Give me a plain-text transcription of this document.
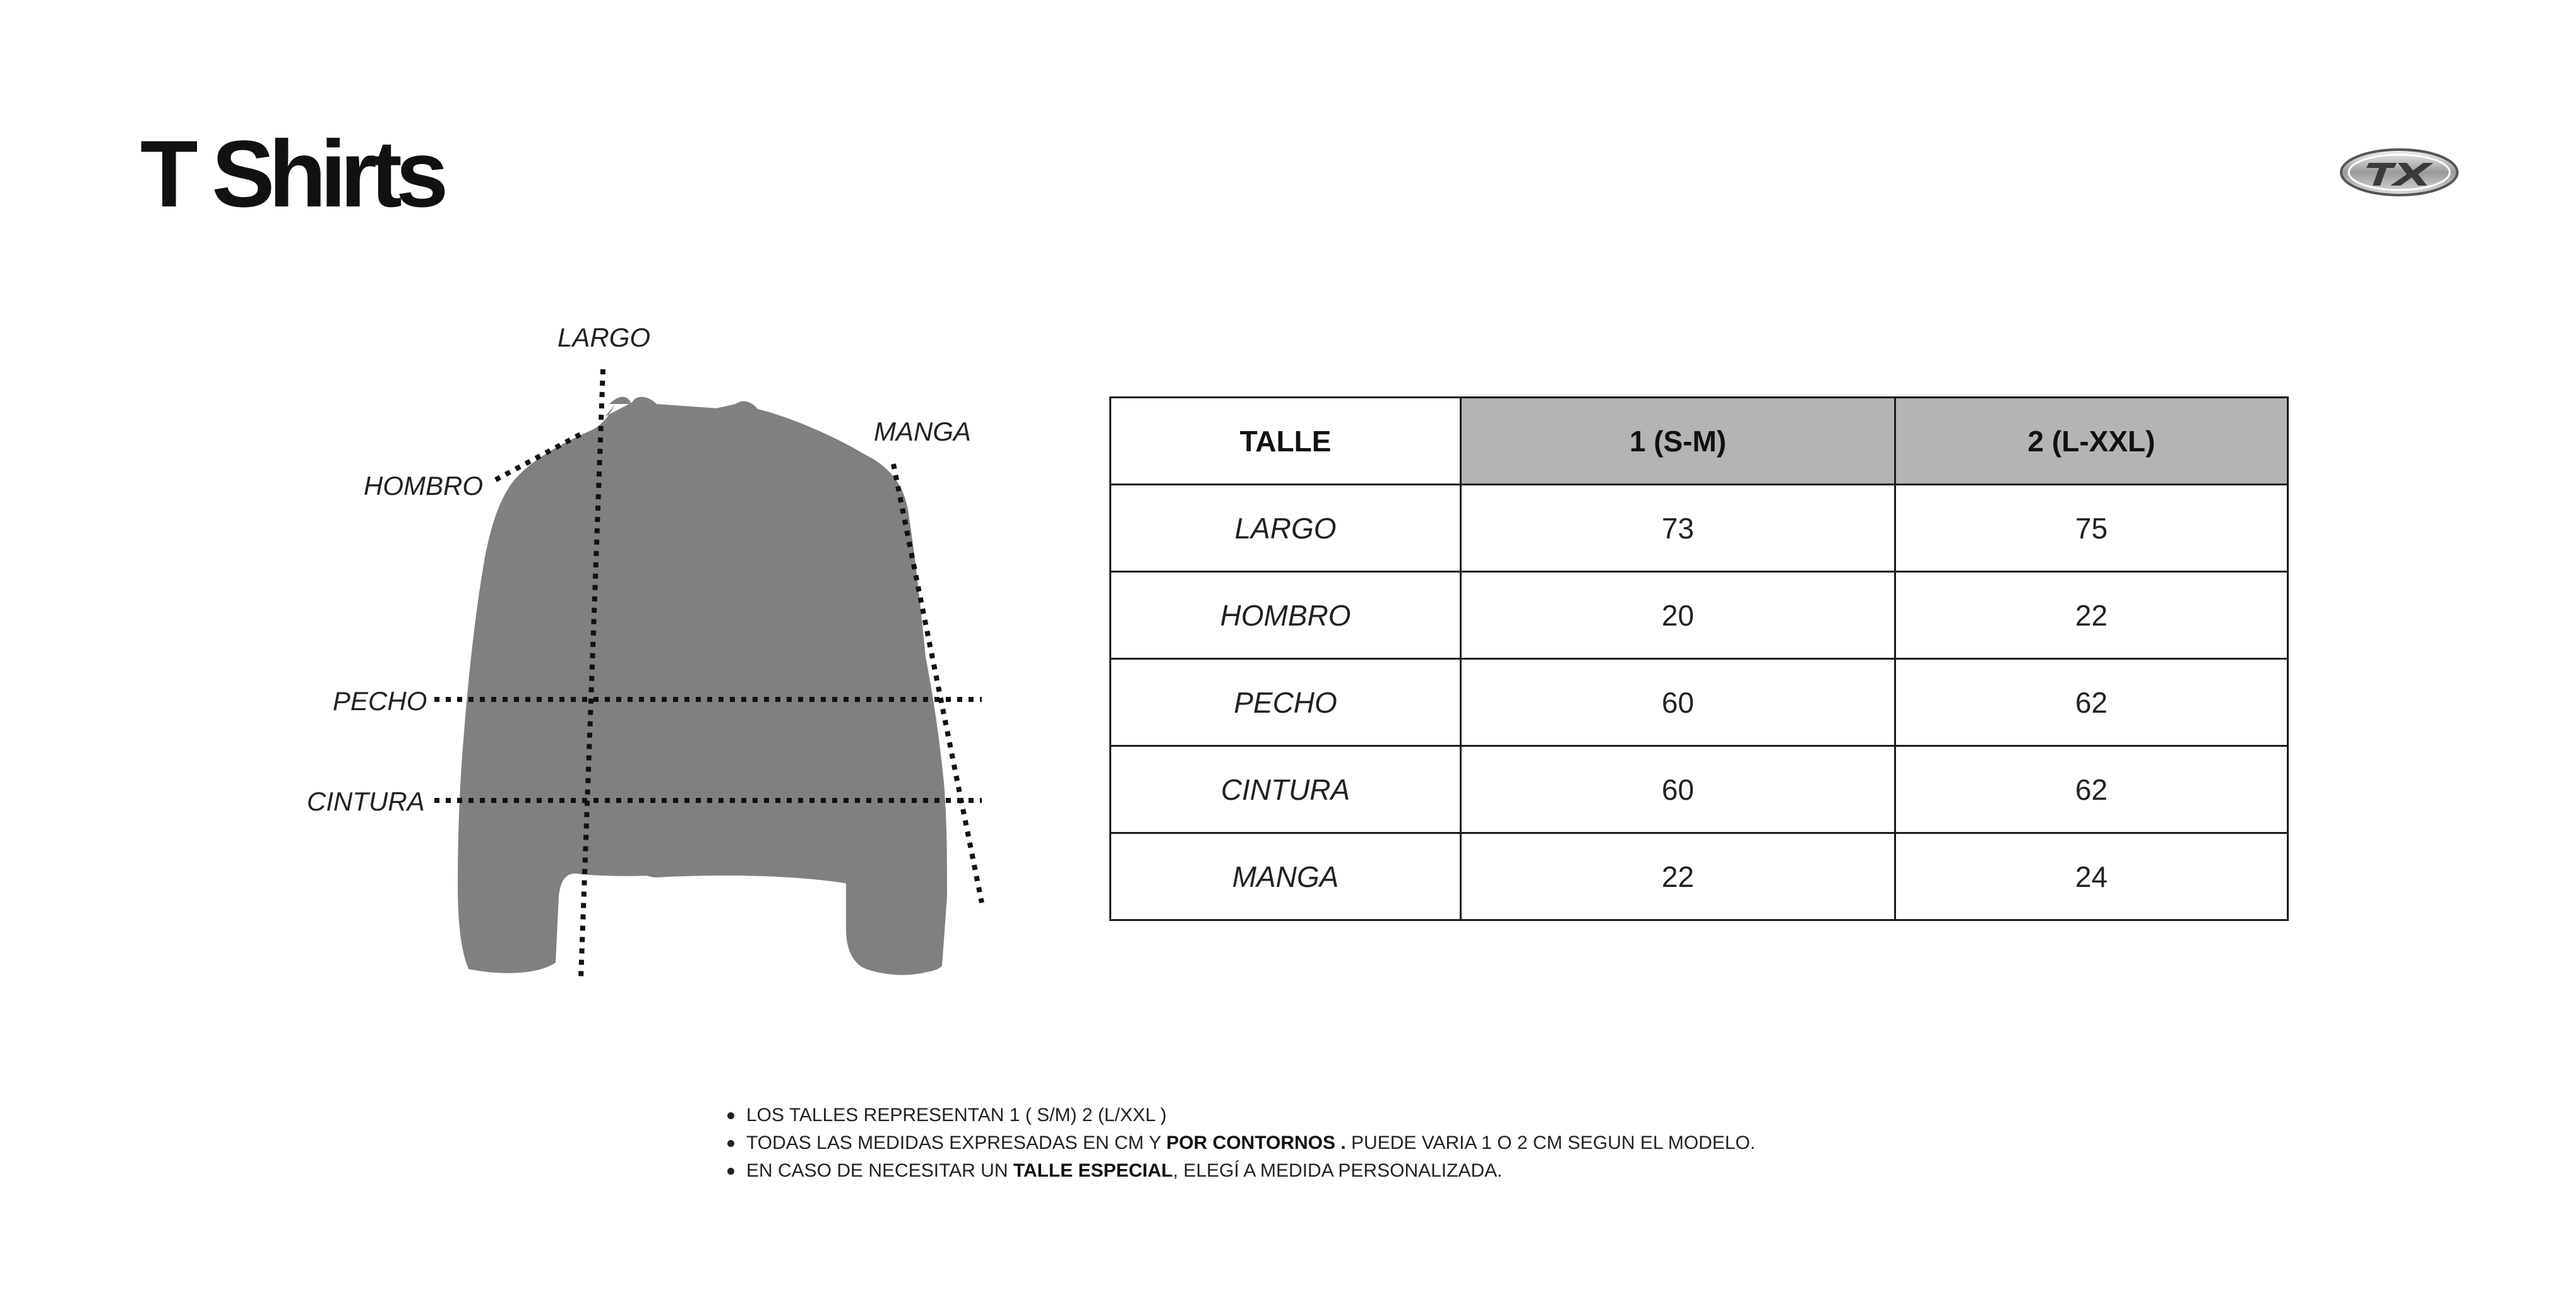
T Shirts
LARGO
HOMBRO
MANGA
PECHO
CINTURA
TALLE	1 (S-M)	2 (L-XXL)
LARGO	73	75
HOMBRO	20	22
PECHO	60	62
CINTURA	60	62
MANGA	22	24
LOS TALLES REPRESENTAN 1 ( S/M) 2 (L/XXL )
TODAS LAS MEDIDAS EXPRESADAS EN CM Y POR CONTORNOS . PUEDE VARIA 1 O 2 CM SEGUN EL MODELO.
EN CASO DE NECESITAR UN TALLE ESPECIAL, ELEGÍ A MEDIDA PERSONALIZADA.
